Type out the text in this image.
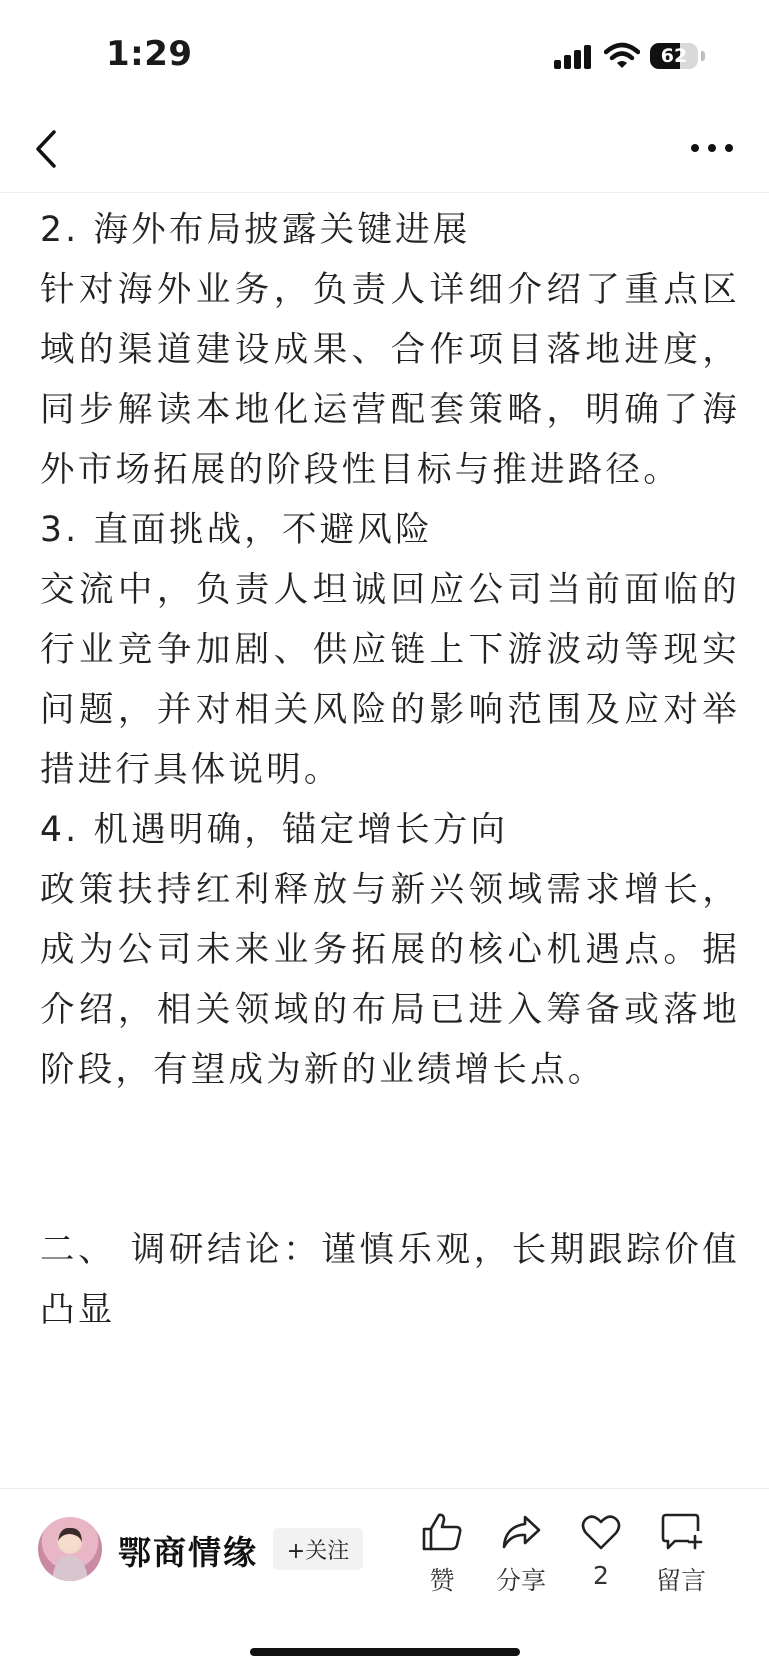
1:29	62

2. 海外布局披露关键进展

针对海外业务，负责人详细介绍了重点区域的渠道建设成果、合作项目落地进度，同步解读本地化运营配套策略，明确了海外市场拓展的阶段性目标与推进路径。

3. 直面挑战，不避风险

交流中，负责人坦诚回应公司当前面临的行业竞争加剧、供应链上下游波动等现实问题，并对相关风险的影响范围及应对举措进行具体说明。

4. 机遇明确，锚定增长方向

政策扶持红利释放与新兴领域需求增长，成为公司未来业务拓展的核心机遇点。据介绍，相关领域的布局已进入筹备或落地阶段，有望成为新的业绩增长点。

二、 调研结论：谨慎乐观，长期跟踪价值凸显

鄂商情缘	+关注
赞	分享	2	留言
